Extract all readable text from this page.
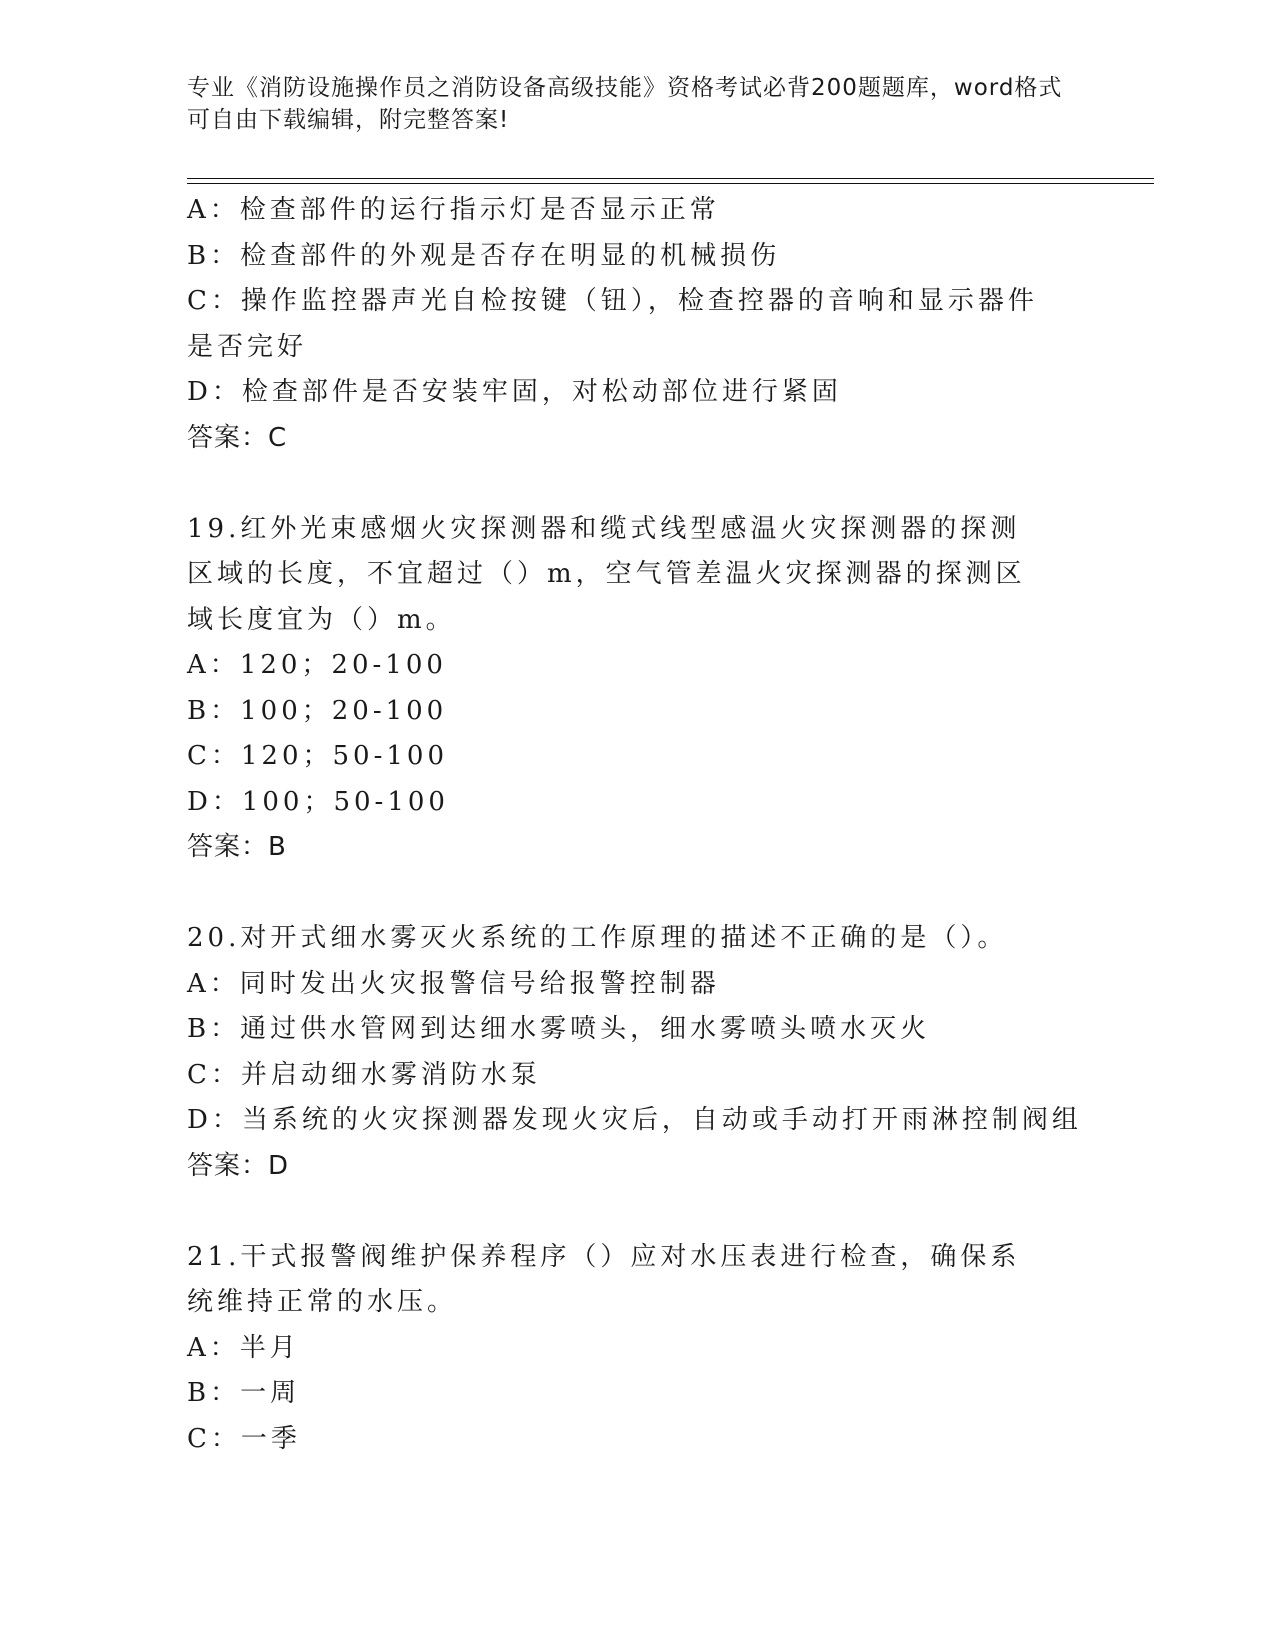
专业《消防设施操作员之消防设备高级技能》资格考试必背200题题库，word格式可自由下载编辑，附完整答案!

A：检查部件的运行指示灯是否显示正常

B：检查部件的外观是否存在明显的机械损伤

C：操作监控器声光自检按键（钮），检查控器的音响和显示器件是否完好

D：检查部件是否安装牢固，对松动部位进行紧固

答案：C

19.红外光束感烟火灾探测器和缆式线型感温火灾探测器的探测区域的长度，不宜超过（）m，空气管差温火灾探测器的探测区域长度宜为（）m。

A：120；20-100

B：100；20-100

C：120；50-100

D：100；50-100

答案：B

20.对开式细水雾灭火系统的工作原理的描述不正确的是（）。

A：同时发出火灾报警信号给报警控制器

B：通过供水管网到达细水雾喷头，细水雾喷头喷水灭火

C：并启动细水雾消防水泵

D：当系统的火灾探测器发现火灾后，自动或手动打开雨淋控制阀组

答案：D

21.干式报警阀维护保养程序（）应对水压表进行检查，确保系统维持正常的水压。

A：半月

B：一周

C：一季
